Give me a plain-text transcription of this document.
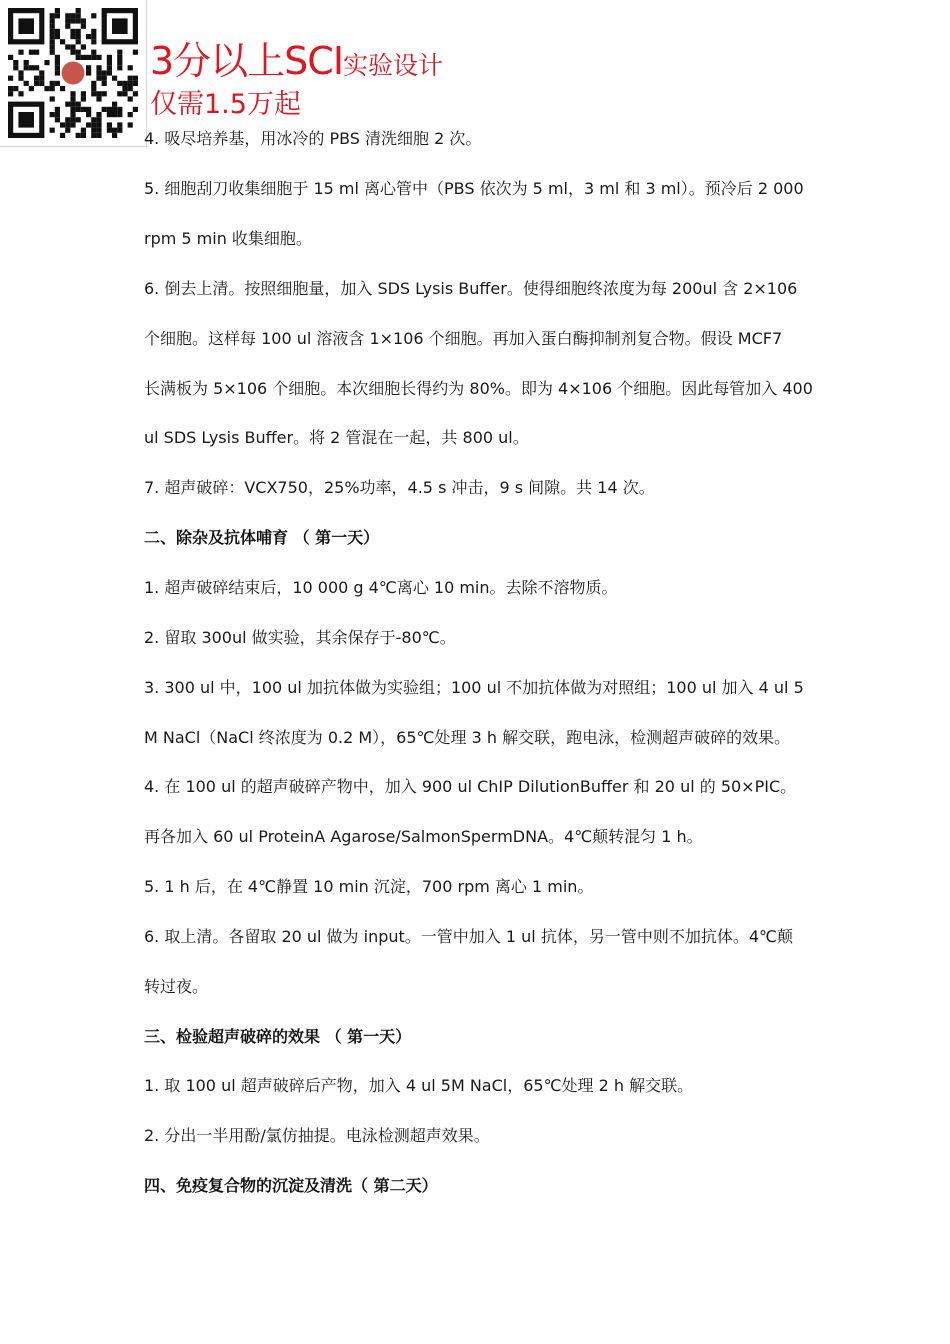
3分以上SCI实验设计
仅需1.5万起
4. 吸尽培养基，用冰冷的 PBS 清洗细胞 2 次。
5. 细胞刮刀收集细胞于 15 ml 离心管中（PBS 依次为 5 ml，3 ml 和 3 ml）。预冷后 2 000
rpm 5 min 收集细胞。
6. 倒去上清。按照细胞量，加入 SDS Lysis Buffer。使得细胞终浓度为每 200ul 含 2×106
个细胞。这样每 100 ul 溶液含 1×106 个细胞。再加入蛋白酶抑制剂复合物。假设 MCF7
长满板为 5×106 个细胞。本次细胞长得约为 80%。即为 4×106 个细胞。因此每管加入 400
ul SDS Lysis Buffer。将 2 管混在一起，共 800 ul。
7. 超声破碎：VCX750，25%功率，4.5 s 冲击，9 s 间隙。共 14 次。
二、除杂及抗体哺育 （ 第一天）
1. 超声破碎结束后，10 000 g 4℃离心 10 min。去除不溶物质。
2. 留取 300ul 做实验，其余保存于-80℃。
3. 300 ul 中，100 ul 加抗体做为实验组；100 ul 不加抗体做为对照组；100 ul 加入 4 ul 5
M NaCl（NaCl 终浓度为 0.2 M），65℃处理 3 h 解交联，跑电泳，检测超声破碎的效果。
4. 在 100 ul 的超声破碎产物中，加入 900 ul ChIP DilutionBuffer 和 20 ul 的 50×PIC。
再各加入 60 ul ProteinA Agarose/SalmonSpermDNA。4℃颠转混匀 1 h。
5. 1 h 后，在 4℃静置 10 min 沉淀，700 rpm 离心 1 min。
6. 取上清。各留取 20 ul 做为 input。一管中加入 1 ul 抗体，另一管中则不加抗体。4℃颠
转过夜。
三、检验超声破碎的效果 （ 第一天）
1. 取 100 ul 超声破碎后产物，加入 4 ul 5M NaCl，65℃处理 2 h 解交联。
2. 分出一半用酚/氯仿抽提。电泳检测超声效果。
四、免疫复合物的沉淀及清洗（ 第二天）
